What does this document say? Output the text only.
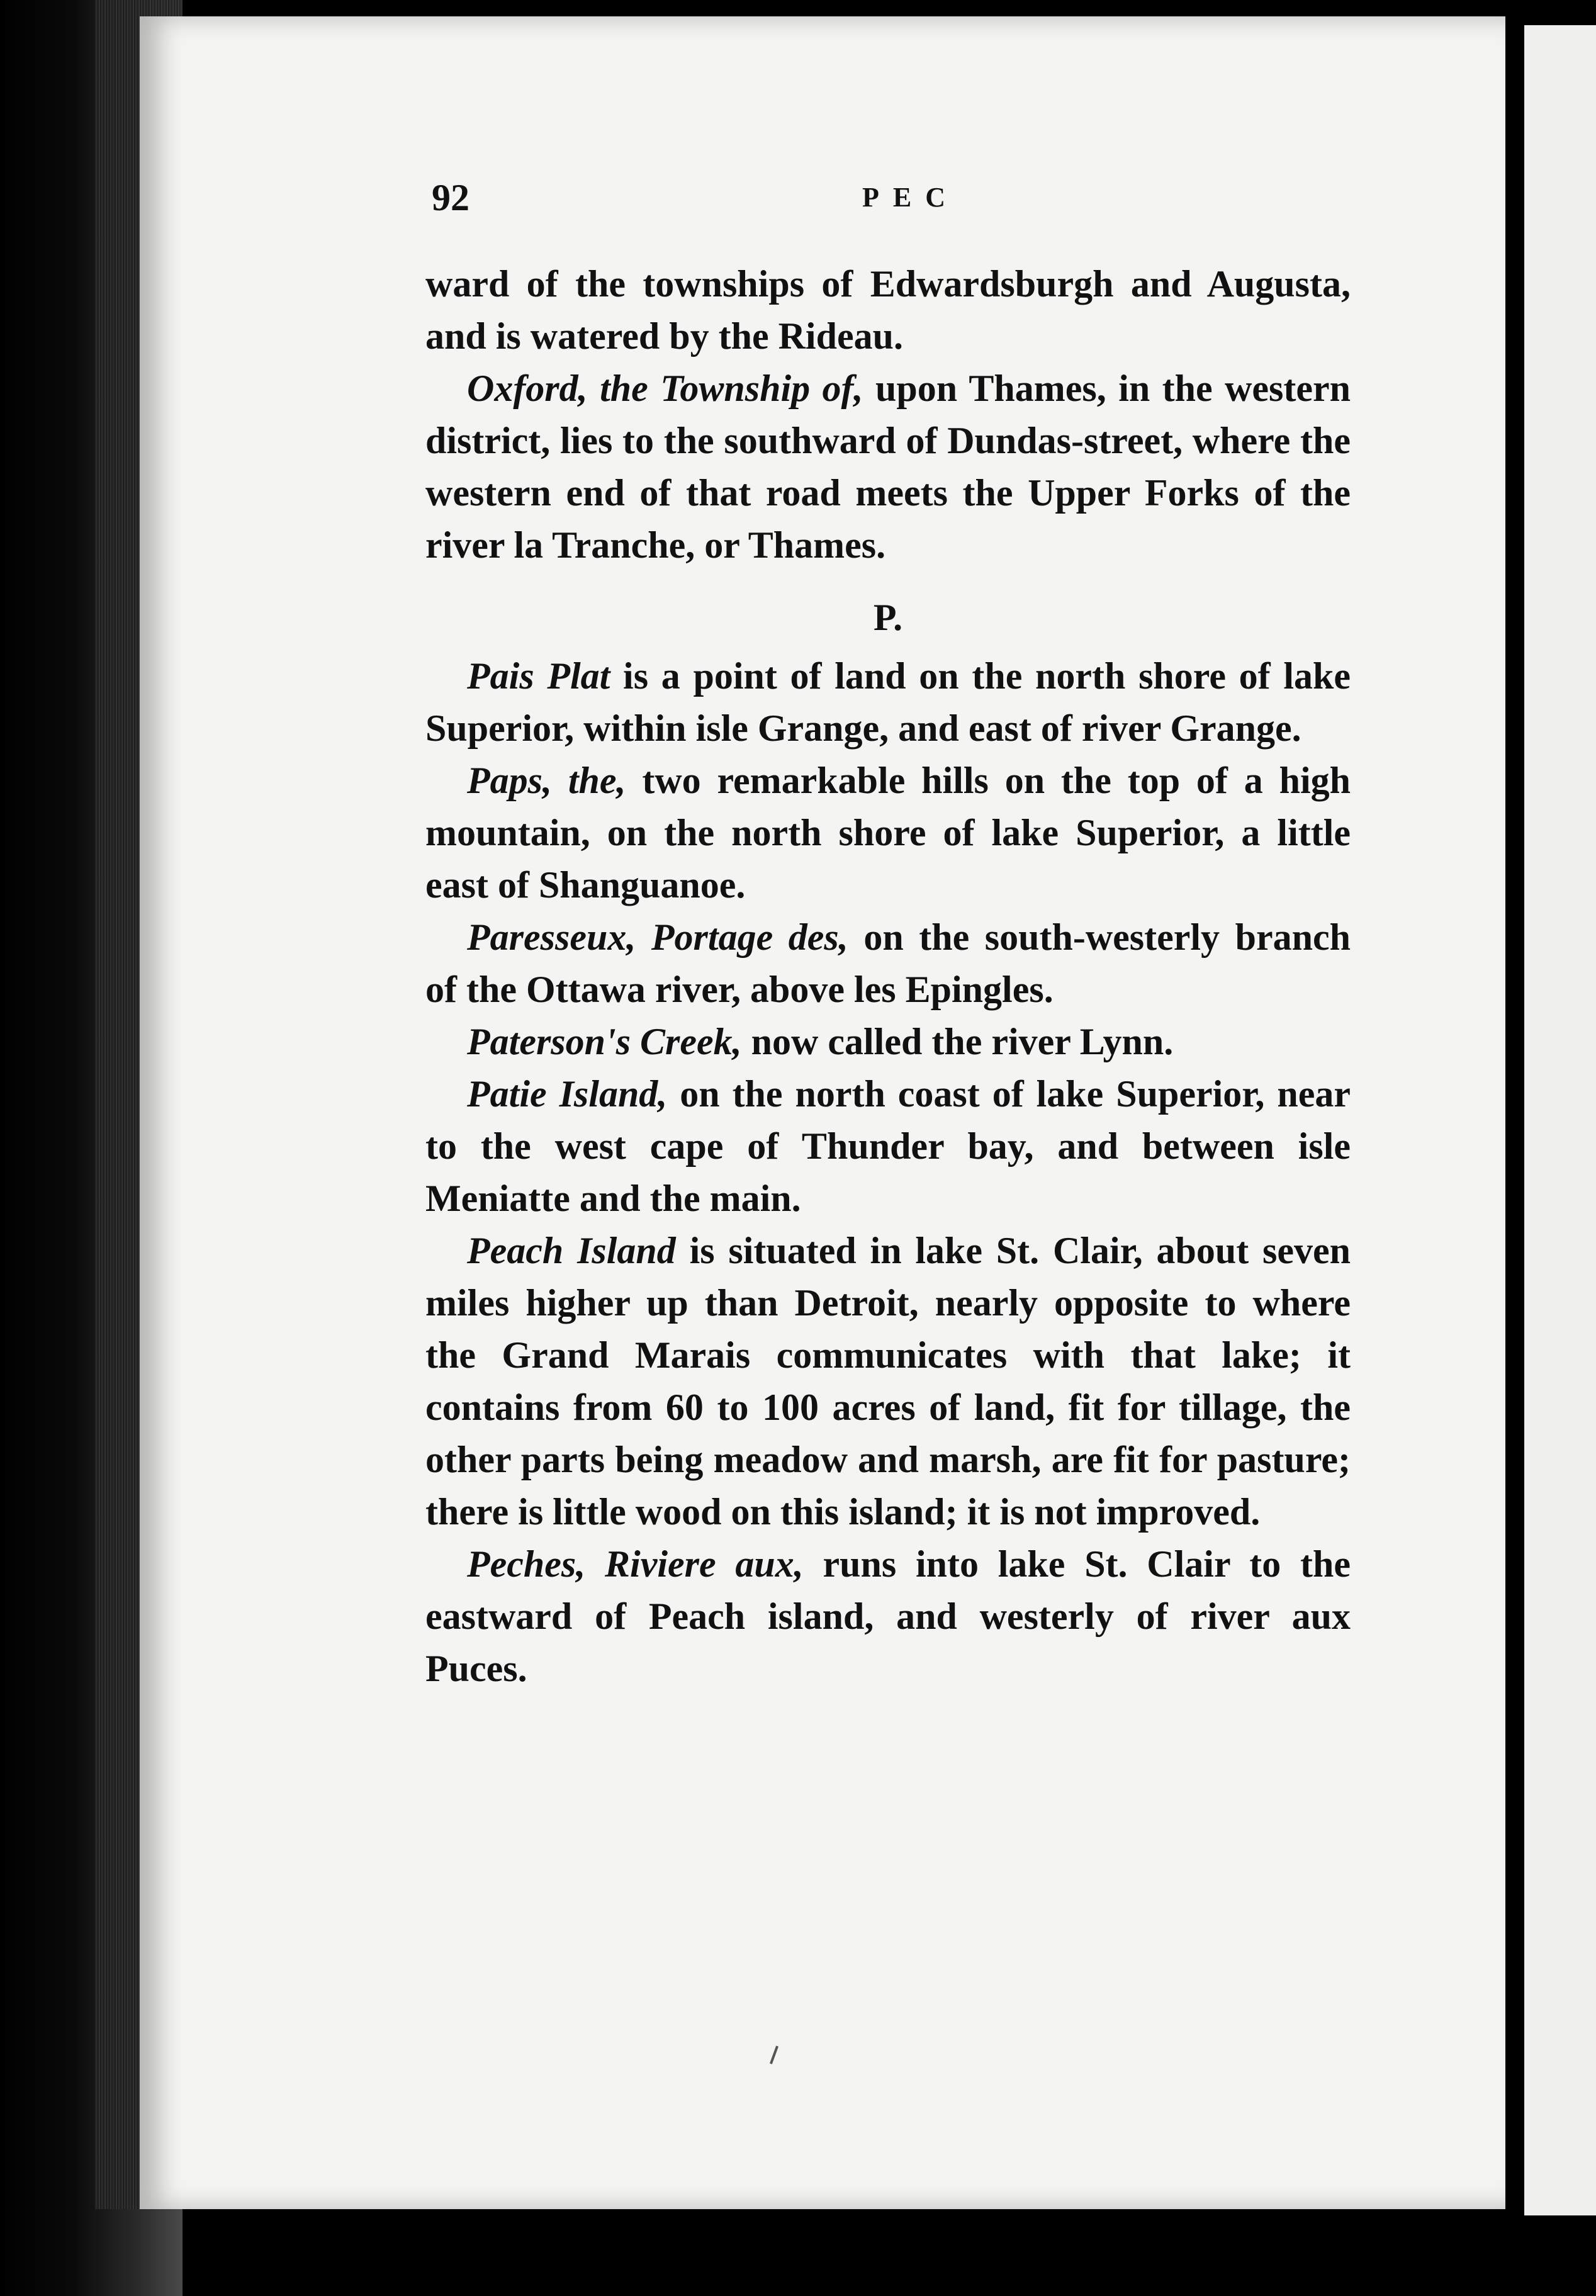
92	PEC

ward of the townships of Edwardsburgh and Augusta, and is watered by the Rideau.

Oxford, the Township of, upon Thames, in the western district, lies to the southward of Dundas-street, where the western end of that road meets the Upper Forks of the river la Tranche, or Thames.

P.

Pais Plat is a point of land on the north shore of lake Superior, within isle Grange, and east of river Grange.

Paps, the, two remarkable hills on the top of a high mountain, on the north shore of lake Superior, a little east of Shanguanoe.

Paresseux, Portage des, on the south-westerly branch of the Ottawa river, above les Epingles.

Paterson's Creek, now called the river Lynn.

Patie Island, on the north coast of lake Superior, near to the west cape of Thunder bay, and between isle Meniatte and the main.

Peach Island is situated in lake St. Clair, about seven miles higher up than Detroit, nearly opposite to where the Grand Marais communicates with that lake; it contains from 60 to 100 acres of land, fit for tillage, the other parts being meadow and marsh, are fit for pasture; there is little wood on this island; it is not improved.

Peches, Riviere aux, runs into lake St. Clair to the eastward of Peach island, and westerly of river aux Puces.
